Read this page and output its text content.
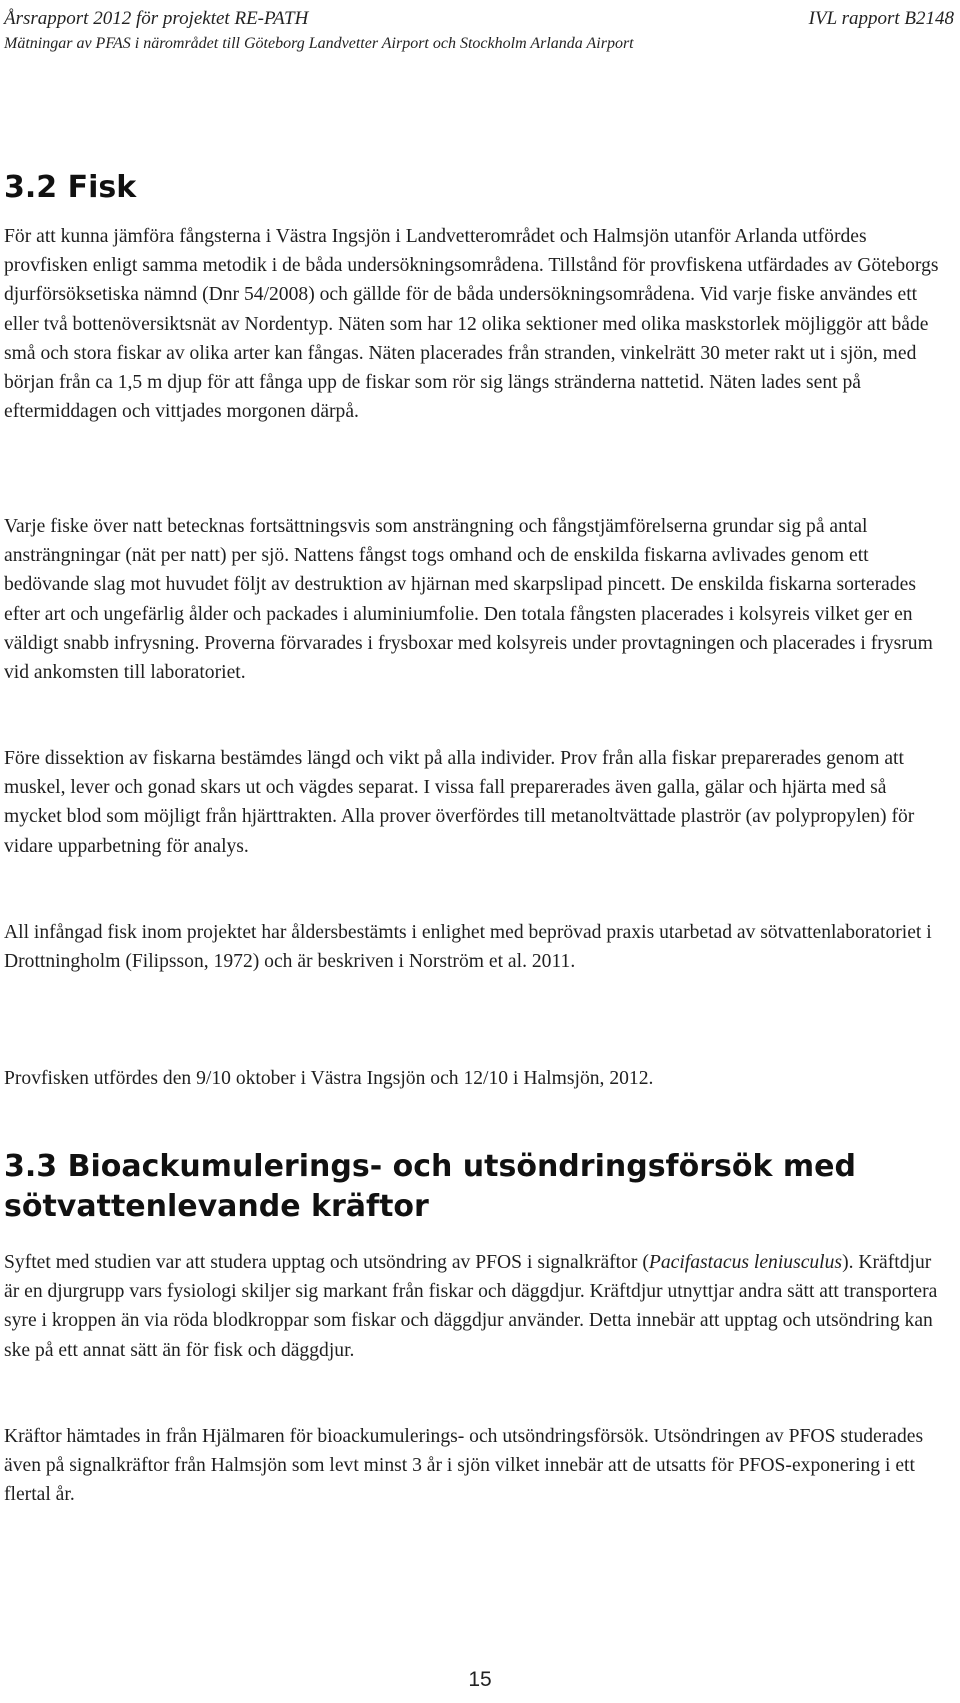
Årsrapport 2012 för projektet RE-PATH	IVL rapport B2148
Mätningar av PFAS i närområdet till Göteborg Landvetter Airport och Stockholm Arlanda Airport
3.2 Fisk

För att kunna jämföra fångsterna i Västra Ingsjön i Landvetterområdet och Halmsjön utanför Arlanda utfördes provfisken enligt samma metodik i de båda undersökningsområdena. Tillstånd för provfiskena utfärdades av Göteborgs djurförsöksetiska nämnd (Dnr 54/2008) och gällde för de båda undersökningsområdena. Vid varje fiske användes ett eller två bottenöversiktsnät av Nordentyp. Näten som har 12 olika sektioner med olika maskstorlek möjliggör att både små och stora fiskar av olika arter kan fångas. Näten placerades från stranden, vinkelrätt 30 meter rakt ut i sjön, med början från ca 1,5 m djup för att fånga upp de fiskar som rör sig längs stränderna nattetid. Näten lades sent på eftermiddagen och vittjades morgonen därpå.

Varje fiske över natt betecknas fortsättningsvis som ansträngning och fångstjämförelserna grundar sig på antal ansträngningar (nät per natt) per sjö. Nattens fångst togs omhand och de enskilda fiskarna avlivades genom ett bedövande slag mot huvudet följt av destruktion av hjärnan med skarpslipad pincett. De enskilda fiskarna sorterades efter art och ungefärlig ålder och packades i aluminiumfolie. Den totala fångsten placerades i kolsyreis vilket ger en väldigt snabb infrysning. Proverna förvarades i frysboxar med kolsyreis under provtagningen och placerades i frysrum vid ankomsten till laboratoriet.

Före dissektion av fiskarna bestämdes längd och vikt på alla individer. Prov från alla fiskar preparerades genom att muskel, lever och gonad skars ut och vägdes separat. I vissa fall preparerades även galla, gälar och hjärta med så mycket blod som möjligt från hjärttrakten. Alla prover överfördes till metanoltvättade plaströr (av polypropylen) för vidare upparbetning för analys.

All infångad fisk inom projektet har åldersbestämts i enlighet med beprövad praxis utarbetad av sötvattenlaboratoriet i Drottningholm (Filipsson, 1972) och är beskriven i Norström et al. 2011.

Provfisken utfördes den 9/10 oktober i Västra Ingsjön och 12/10 i Halmsjön, 2012.

3.3 Bioackumulerings- och utsöndringsförsök med sötvattenlevande kräftor

Syftet med studien var att studera upptag och utsöndring av PFOS i signalkräftor (Pacifastacus leniusculus). Kräftdjur är en djurgrupp vars fysiologi skiljer sig markant från fiskar och däggdjur. Kräftdjur utnyttjar andra sätt att transportera syre i kroppen än via röda blodkroppar som fiskar och däggdjur använder. Detta innebär att upptag och utsöndring kan ske på ett annat sätt än för fisk och däggdjur.

Kräftor hämtades in från Hjälmaren för bioackumulerings- och utsöndringsförsök. Utsöndringen av PFOS studerades även på signalkräftor från Halmsjön som levt minst 3 år i sjön vilket innebär att de utsatts för PFOS-exponering i ett flertal år.

15
